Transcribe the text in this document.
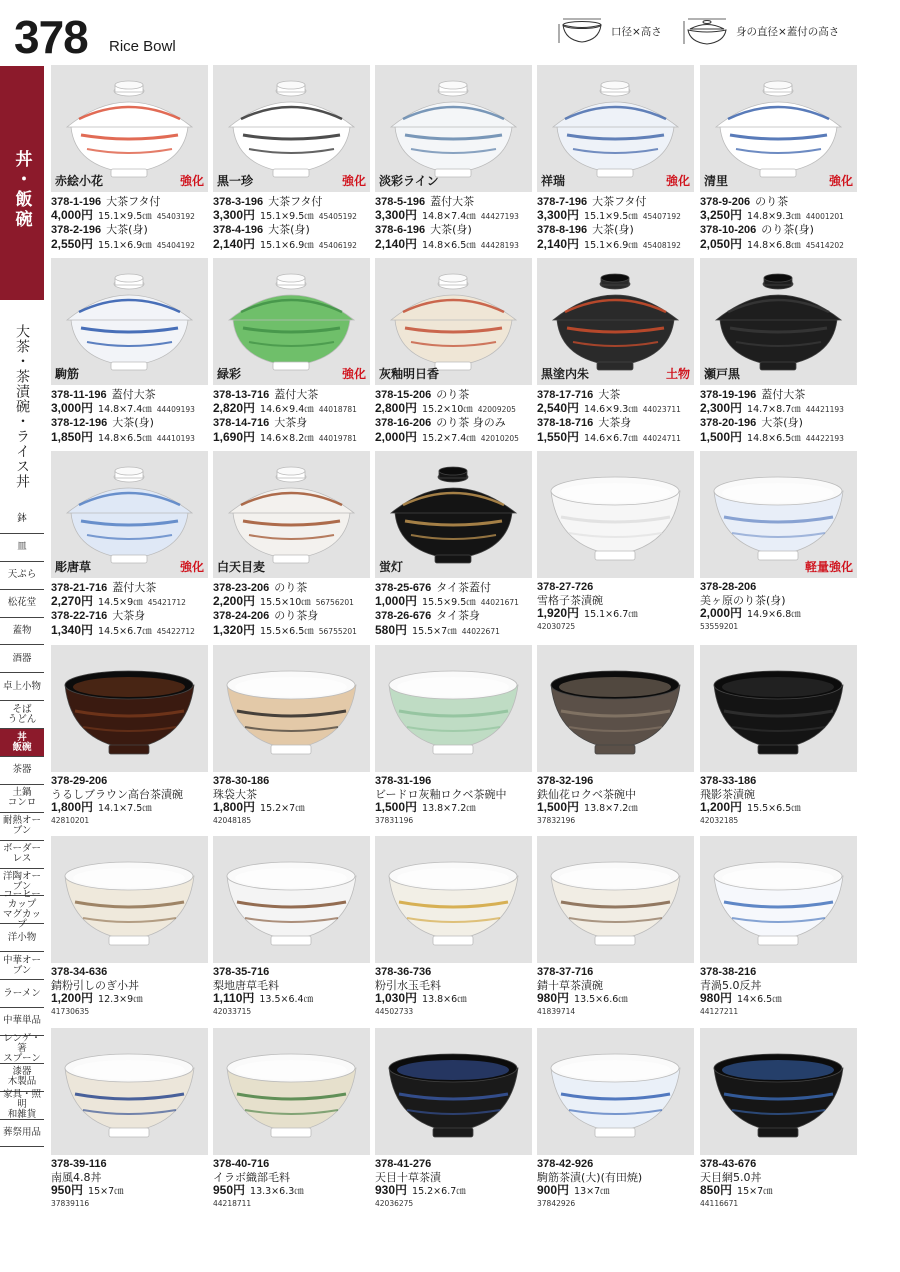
378 Rice Bowl
口径×高さ	身の直径×蓋付の高さ
丼・飯碗
大茶・茶漬碗・ライス丼
鉢
皿
天ぷら
松花堂
蓋物
酒器
卓上小物
そば
うどん
丼
飯碗
茶器
土鍋
コンロ
耐熱オーブン
ボーダーレス
洋陶オーブン
コーヒーカップ
マグカップ
洋小物
中華オーブン
ラーメン
中華単品
レンゲ・箸
スプーン
漆器
木製品
家具・照明
和雑貨
葬祭用品
赤絵小花	強化
378-1-196 大茶フタ付
4,000円 15.1×9.5㎝ 45403192
378-2-196 大茶(身)
2,550円 15.1×6.9㎝ 45404192
黒一珍	強化
378-3-196 大茶フタ付
3,300円 15.1×9.5㎝ 45405192
378-4-196 大茶(身)
2,140円 15.1×6.9㎝ 45406192
淡彩ライン
378-5-196 蓋付大茶
3,300円 14.8×7.4㎝ 44427193
378-6-196 大茶(身)
2,140円 14.8×6.5㎝ 44428193
祥瑞	強化
378-7-196 大茶フタ付
3,300円 15.1×9.5㎝ 45407192
378-8-196 大茶(身)
2,140円 15.1×6.9㎝ 45408192
清里	強化
378-9-206 のり茶
3,250円 14.8×9.3㎝ 44001201
378-10-206 のり茶(身)
2,050円 14.8×6.8㎝ 45414202
駒筋
378-11-196 蓋付大茶
3,000円 14.8×7.4㎝ 44409193
378-12-196 大茶(身)
1,850円 14.8×6.5㎝ 44410193
緑彩	強化
378-13-716 蓋付大茶
2,820円 14.6×9.4㎝ 44018781
378-14-716 大茶身
1,690円 14.6×8.2㎝ 44019781
灰釉明日香
378-15-206 のり茶
2,800円 15.2×10㎝ 42009205
378-16-206 のり茶 身のみ
2,000円 15.2×7.4㎝ 42010205
黒塗内朱	土物
378-17-716 大茶
2,540円 14.6×9.3㎝ 44023711
378-18-716 大茶身
1,550円 14.6×6.7㎝ 44024711
瀬戸黒
378-19-196 蓋付大茶
2,300円 14.7×8.7㎝ 44421193
378-20-196 大茶(身)
1,500円 14.8×6.5㎝ 44422193
彫唐草	強化
378-21-716 蓋付大茶
2,270円 14.5×9㎝ 45421712
378-22-716 大茶身
1,340円 14.5×6.7㎝ 45422712
白天目麦
378-23-206 のり茶
2,200円 15.5×10㎝ 56756201
378-24-206 のり茶身
1,320円 15.5×6.5㎝ 56755201
蛍灯
378-25-676 タイ茶蓋付
1,000円 15.5×9.5㎝ 44021671
378-26-676 タイ茶身
580円 15.5×7㎝ 44022671
378-27-726
雪格子茶漬碗
1,920円 15.1×6.7㎝
42030725
軽量強化
378-28-206
美ヶ原のり茶(身)
2,000円 14.9×6.8㎝
53559201
378-29-206
うるしブラウン高台茶漬碗
1,800円 14.1×7.5㎝
42810201
378-30-186
珠袋大茶
1,800円 15.2×7㎝
42048185
378-31-196
ビードロ灰釉ロクベ茶碗中
1,500円 13.8×7.2㎝
37831196
378-32-196
鉄仙花ロクベ茶碗中
1,500円 13.8×7.2㎝
37832196
378-33-186
飛影茶漬碗
1,200円 15.5×6.5㎝
42032185
378-34-636
錆粉引しのぎ小丼
1,200円 12.3×9㎝
41730635
378-35-716
梨地唐草毛料
1,110円 13.5×6.4㎝
42033715
378-36-736
粉引水玉毛料
1,030円 13.8×6㎝
44502733
378-37-716
錆十草茶漬碗
980円 13.5×6.6㎝
41839714
378-38-216
青渦5.0反丼
980円 14×6.5㎝
44127211
378-39-116
南風4.8丼
950円 15×7㎝
37839116
378-40-716
イラボ織部毛料
950円 13.3×6.3㎝
44218711
378-41-276
天目十草茶漬
930円 15.2×6.7㎝
42036275
378-42-926
駒筋茶漬(大)(有田焼)
900円 13×7㎝
37842926
378-43-676
天目網5.0丼
850円 15×7㎝
44116671
